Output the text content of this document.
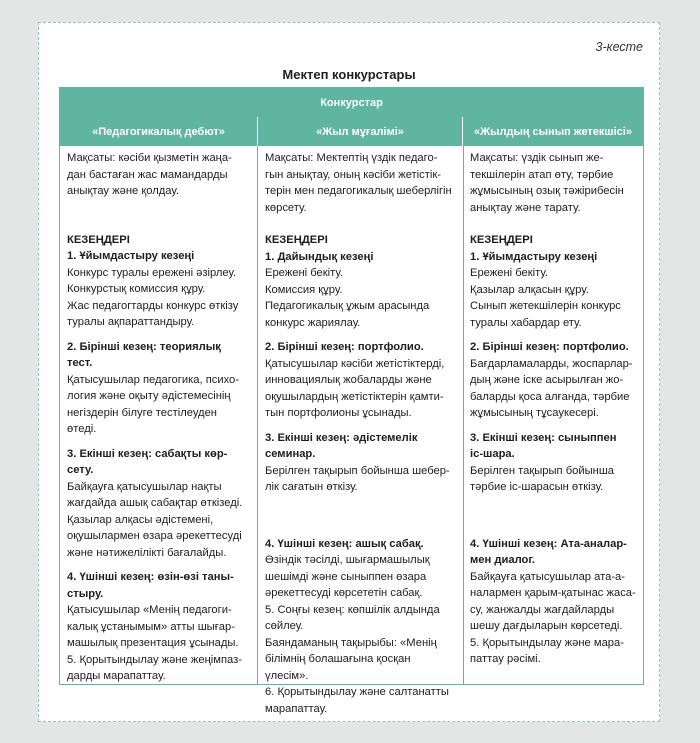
3-кесте
Мектеп конкурстары
Конкурстар
«Педагогикалық дебют»	«Жыл мұғалімі»	«Жылдың сынып жетекшісі»

Мақсаты: кәсіби қызметін жаңа-

дан бастаған жас мамандарды

анықтау және қолдау.

КЕЗЕҢДЕРІ

1. Ұйымдастыру кезеңі

Конкурс туралы ережені әзірлеу.

Конкурстық комиссия құру.

Жас педагогтарды конкурс өткізу

туралы ақпараттандыру.

2. Бірінші кезең: теориялық

тест.

Қатысушылар педагогика, психо-

логия және оқыту әдістемесінің

негіздерін білуге тестілеуден

өтеді.

3. Екінші кезең: сабақты көр-

сету.

Байқауға қатысушылар нақты

жағдайда ашық сабақтар өткізеді.

Қазылар алқасы әдістемені,

оқушылармен өзара әрекеттесуді

және нәтижелілікті бағалайды.

4. Үшінші кезең: өзін-өзі таны-

стыру.

Қатысушылар «Менің педагоги-

калық ұстанымым» атты шығар-

машылық презентация ұсынады.

5. Қорытындылау және жеңімпаз-

дарды марапаттау.

Мақсаты: Мектептің үздік педаго-

гын анықтау, оның кәсіби жетістік-

терін мен педагогикалық шеберлігін

көрсету.

КЕЗЕҢДЕРІ

1. Дайындық кезеңі

Ережені бекіту.

Комиссия құру.

Педагогикалық ұжым арасында

конкурс жариялау.

2. Бірінші кезең: портфолио.

Қатысушылар кәсіби жетістіктерді,

инновациялық жобаларды және

оқушылардың жетістіктерін қамти-

тын портфолионы ұсынады.

3. Екінші кезең: әдістемелік

семинар.

Берілген тақырып бойынша шебер-

лік сағатын өткізу.

4. Үшінші кезең: ашық сабақ.

Өзіндік тәсілді, шығармашылық

шешімді және сыныппен өзара

әрекеттесуді көрсететін сабақ.

5. Соңғы кезең: көпшілік алдында

сөйлеу.

Баяндаманың тақырыбы: «Менің

білімнің болашағына қосқан

үлесім».

6. Қорытындылау және салтанатты

марапаттау.

Мақсаты: үздік сынып же-

текшілерін атап өту, тәрбие

жұмысының озық тәжірибесін

анықтау және тарату.

КЕЗЕҢДЕРІ

1. Ұйымдастыру кезеңі

Ережені бекіту.

Қазылар алқасын құру.

Сынып жетекшілерін конкурс

туралы хабардар ету.

2. Бірінші кезең: портфолио.

Бағдарламаларды, жоспарлар-

дың және іске асырылған жо-

баларды қоса алғанда, тәрбие

жұмысының тұсаукесері.

3. Екінші кезең: сыныппен

іс-шара.

Берілген тақырып бойынша

тәрбие іс-шарасын өткізу.

4. Үшінші кезең: Ата-аналар-

мен диалог.

Байқауға қатысушылар ата-а-

налармен қарым-қатынас жаса-

су, жанжалды жағдайларды

шешу дағдыларын көрсетеді.

5. Қорытындылау және мара-

паттау рәсімі.
